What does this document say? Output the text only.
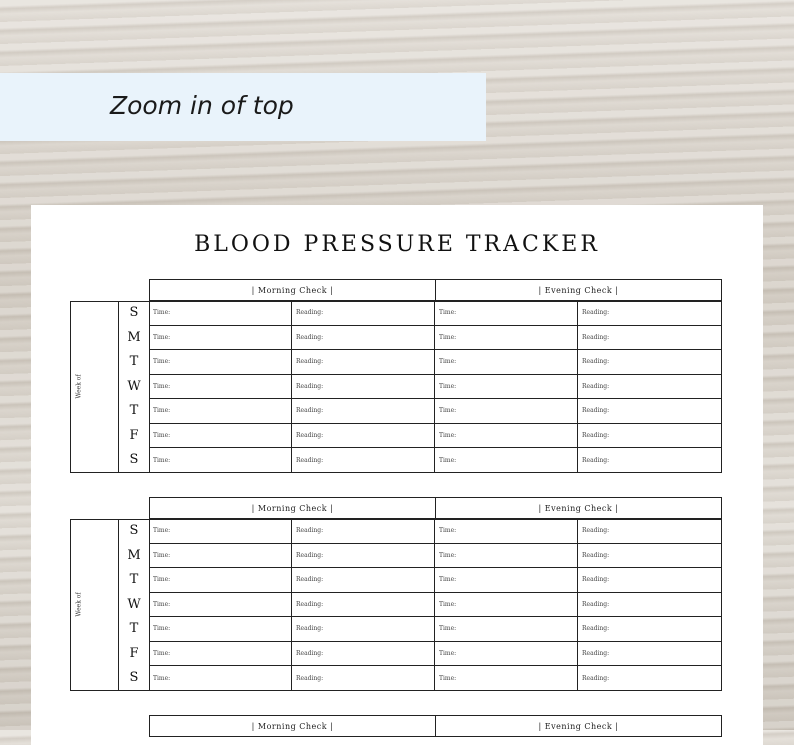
Zoom in of top
BLOOD PRESSURE TRACKER
| Morning Check |	| Evening Check |
Week of
S	Time:	Reading:	Time:	Reading:
M	Time:	Reading:	Time:	Reading:
T	Time:	Reading:	Time:	Reading:
W	Time:	Reading:	Time:	Reading:
T	Time:	Reading:	Time:	Reading:
F	Time:	Reading:	Time:	Reading:
S	Time:	Reading:	Time:	Reading:
| Morning Check |	| Evening Check |
Week of
S	Time:	Reading:	Time:	Reading:
M	Time:	Reading:	Time:	Reading:
T	Time:	Reading:	Time:	Reading:
W	Time:	Reading:	Time:	Reading:
T	Time:	Reading:	Time:	Reading:
F	Time:	Reading:	Time:	Reading:
S	Time:	Reading:	Time:	Reading:
| Morning Check |	| Evening Check |
